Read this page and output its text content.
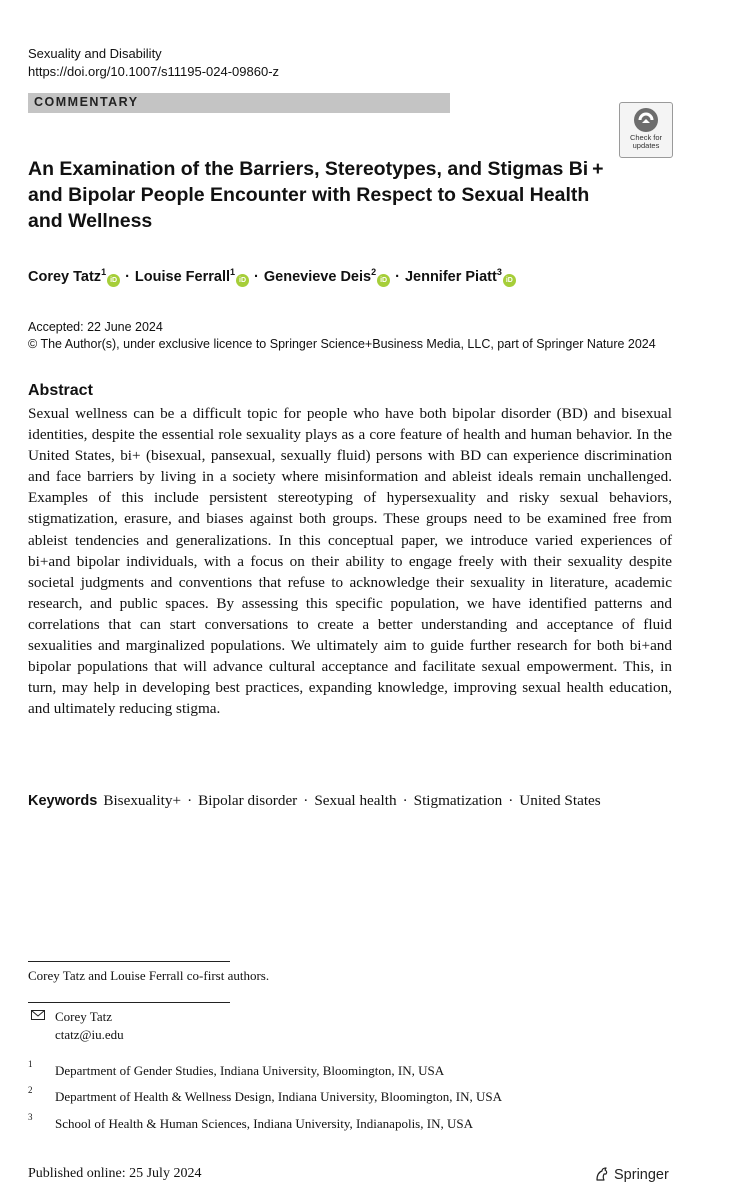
Sexuality and Disability
https://doi.org/10.1007/s11195-024-09860-z
COMMENTARY
Check for
updates
An Examination of the Barriers, Stereotypes, and Stigmas Bi + and Bipolar People Encounter with Respect to Sexual Health and Wellness
Corey Tatz$^1$iD · Louise Ferrall$^1$iD · Genevieve Deis$^2$iD · Jennifer Piatt$^3$iD
Accepted: 22 June 2024
© The Author(s), under exclusive licence to Springer Science+Business Media, LLC, part of Springer Nature 2024
Abstract

Sexual wellness can be a difficult topic for people who have both bipolar disorder (BD) and bisexual identities, despite the essential role sexuality plays as a core feature of health and human behavior. In the United States, bi+ (bisexual, pansexual, sexually fluid) persons with BD can experience discrimination and face barriers by living in a society where misinformation and ableist ideals remain unchallenged. Examples of this include persistent stereotyping of hypersexuality and risky sexual behaviors, stigmatization, erasure, and biases against both groups. These groups need to be examined free from ableist tendencies and generalizations. In this conceptual paper, we introduce varied experiences of bi+and bipolar individuals, with a focus on their ability to engage freely with their sexuality despite societal judgments and conventions that refuse to acknowledge their sexuality in literature, academic research, and public spaces. By assessing this specific population, we have identified patterns and correlations that can start conversations to create a better understanding and acceptance of fluid sexualities and marginalized populations. We ultimately aim to guide further research for both bi+and bipolar populations that will advance cultural acceptance and facilitate sexual empowerment. This, in turn, may help in developing best practices, expanding knowledge, improving sexual health education, and ultimately reducing stigma.

Keywords Bisexuality+ · Bipolar disorder · Sexual health · Stigmatization · United States
Corey Tatz and Louise Ferrall co-first authors.
Corey Tatz
ctatz@iu.edu
1 Department of Gender Studies, Indiana University, Bloomington, IN, USA
2 Department of Health & Wellness Design, Indiana University, Bloomington, IN, USA
3 School of Health & Human Sciences, Indiana University, Indianapolis, IN, USA
Published online: 25 July 2024	Springer
